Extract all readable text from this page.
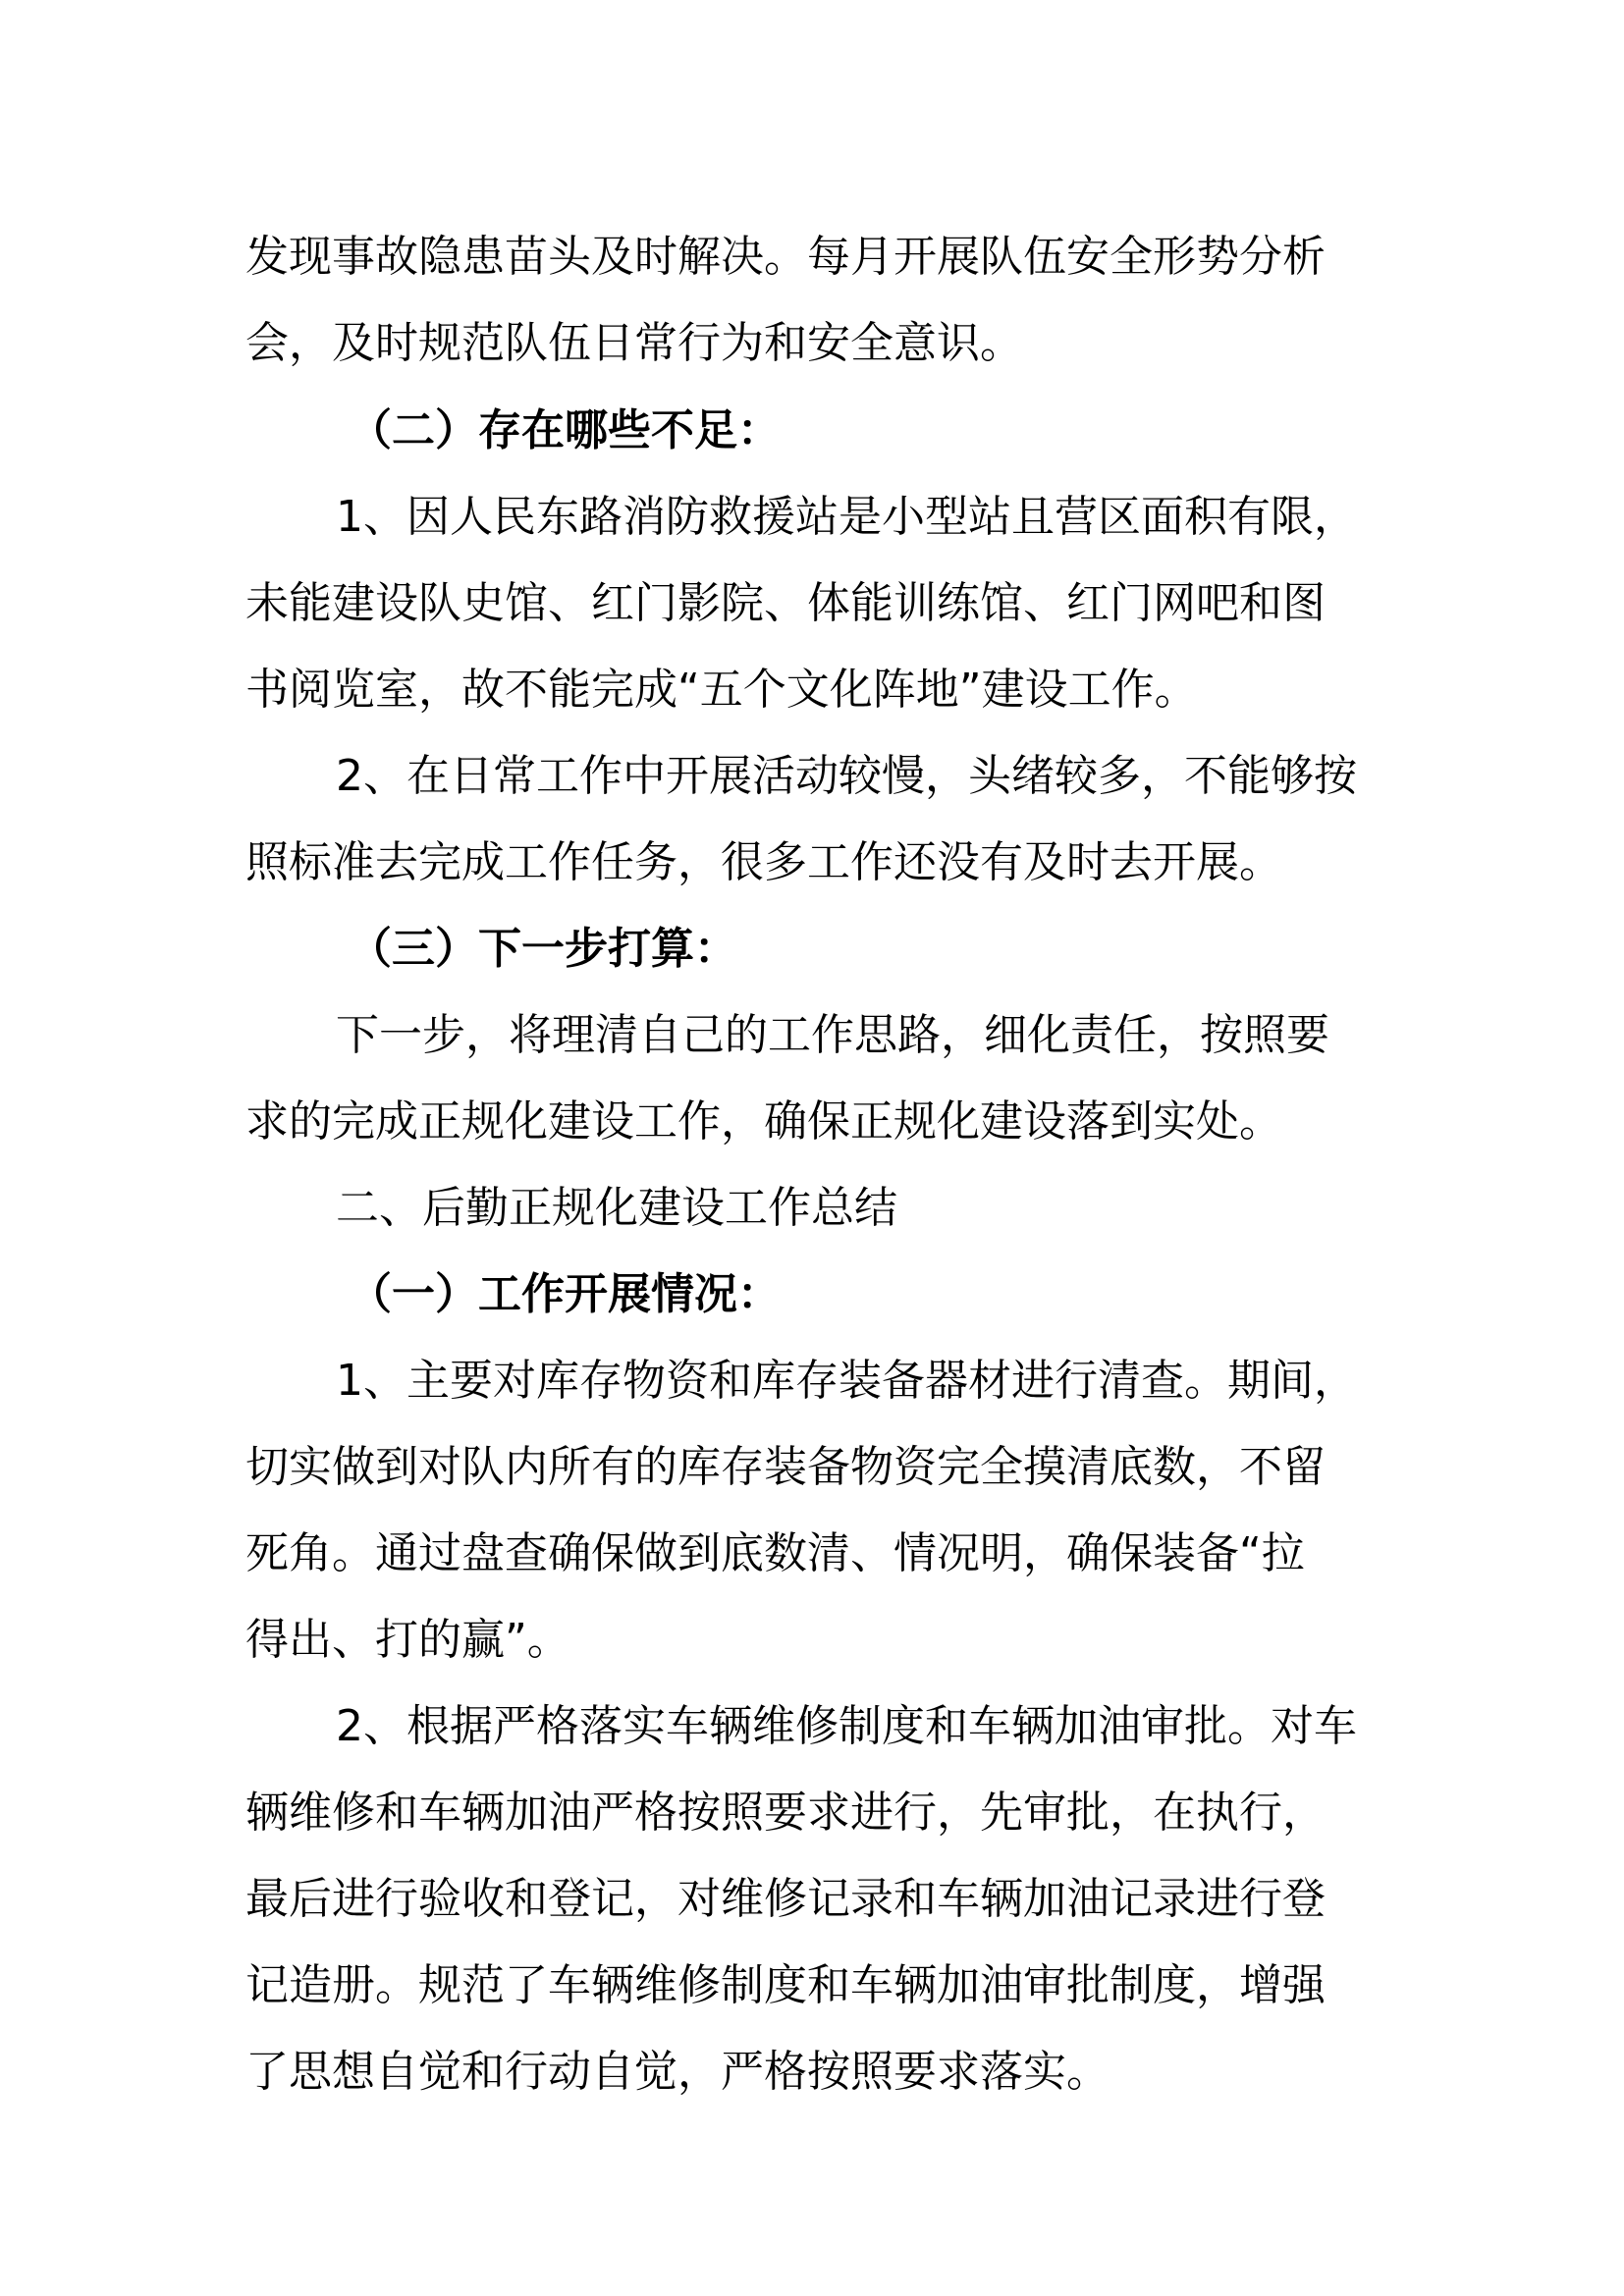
发现事故隐患苗头及时解决。每月开展队伍安全形势分析
会，及时规范队伍日常行为和安全意识。
（二）存在哪些不足：
1、因人民东路消防救援站是小型站且营区面积有限，
未能建设队史馆、红门影院、体能训练馆、红门网吧和图
书阅览室，故不能完成“五个文化阵地”建设工作。
2、在日常工作中开展活动较慢，头绪较多，不能够按
照标准去完成工作任务，很多工作还没有及时去开展。
（三）下一步打算：
下一步，将理清自己的工作思路，细化责任，按照要
求的完成正规化建设工作，确保正规化建设落到实处。
二、后勤正规化建设工作总结
（一）工作开展情况：
1、主要对库存物资和库存装备器材进行清查。期间，
切实做到对队内所有的库存装备物资完全摸清底数，不留
死角。通过盘查确保做到底数清、情况明，确保装备“拉
得出、打的赢”。
2、根据严格落实车辆维修制度和车辆加油审批。对车
辆维修和车辆加油严格按照要求进行，先审批，在执行，
最后进行验收和登记，对维修记录和车辆加油记录进行登
记造册。规范了车辆维修制度和车辆加油审批制度，增强
了思想自觉和行动自觉，严格按照要求落实。
